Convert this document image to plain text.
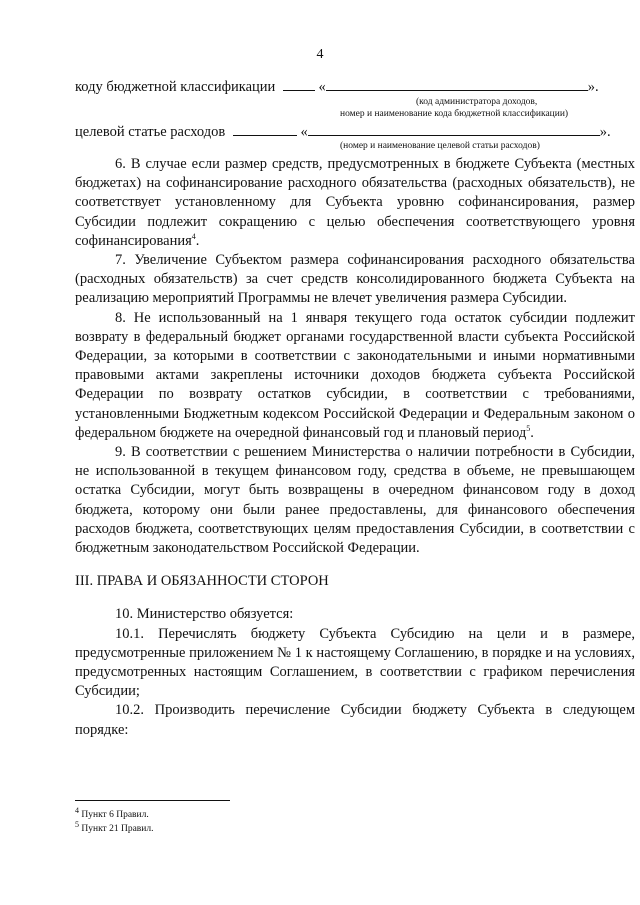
4
коду бюджетной классификации	«	».
(код администратора доходов,
номер и наименование кода бюджетной классификации)
целевой статье расходов	«	».
(номер и наименование целевой статьи расходов)

6. В случае если размер средств, предусмотренных в бюджете Субъекта (местных бюджетах) на софинансирование расходного обязательства (расходных обязательств), не соответствует установленному для Субъекта уровню софинансирования, размер Субсидии подлежит сокращению с целью обеспечения соответствующего уровня софинансирования$^4$.

7. Увеличение Субъектом размера софинансирования расходного обязательства (расходных обязательств) за счет средств консолидированного бюджета Субъекта на реализацию мероприятий Программы не влечет увеличения размера Субсидии.

8. Не использованный на 1 января текущего года остаток субсидии подлежит возврату в федеральный бюджет органами государственной власти субъекта Российской Федерации, за которыми в соответствии с законодательными и иными нормативными правовыми актами закреплены источники доходов бюджета субъекта Российской Федерации по возврату остатков субсидии, в соответствии с требованиями, установленными Бюджетным кодексом Российской Федерации и Федеральным законом о федеральном бюджете на очередной финансовый год и плановый период$^5$.

9. В соответствии с решением Министерства о наличии потребности в Субсидии, не использованной в текущем финансовом году, средства в объеме, не превышающем остатка Субсидии, могут быть возвращены в очередном финансовом году в доход бюджета, которому они были ранее предоставлены, для финансового обеспечения расходов бюджета, соответствующих целям предоставления Субсидии, в соответствии с бюджетным законодательством Российской Федерации.

III. ПРАВА И ОБЯЗАННОСТИ СТОРОН

10. Министерство обязуется:

10.1. Перечислять бюджету Субъекта Субсидию на цели и в размере, предусмотренные приложением № 1 к настоящему Соглашению, в порядке и на условиях, предусмотренных настоящим Соглашением, в соответствии с графиком перечисления Субсидии;

10.2. Производить перечисление Субсидии бюджету Субъекта в следующем порядке:

$^4$ Пункт 6 Правил.
$^5$ Пункт 21 Правил.
